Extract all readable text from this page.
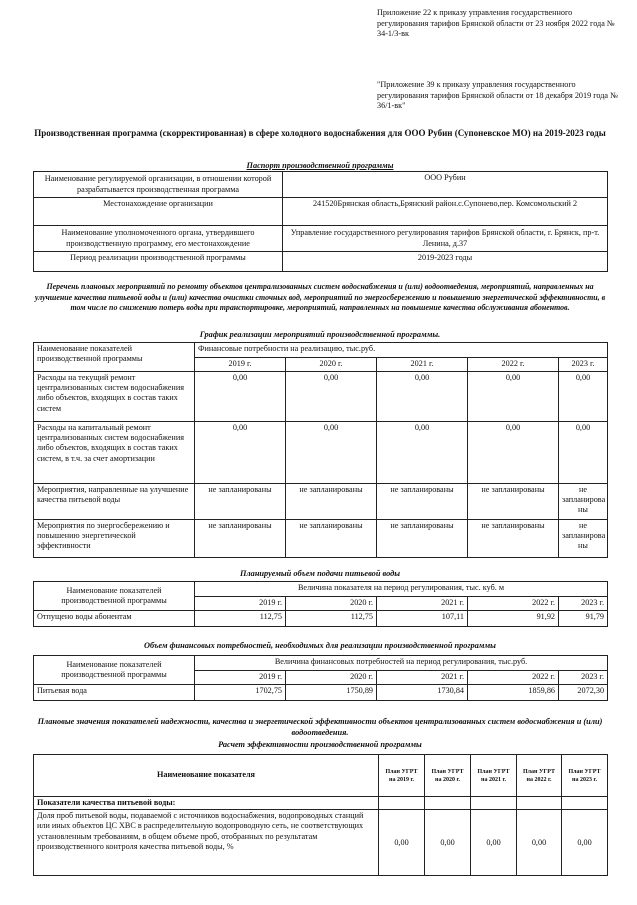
Приложение 22 к приказу управления государственного регулирования тарифов Брянской области от 23 ноября 2022 года № 34-1/3-вк
"Приложение 39 к приказу управления государственного регулирования тарифов Брянской области от 18 декабря 2019 года № 36/1-вк"
Производственная программа (скорректированная) в сфере холодного водоснабжения для ООО Рубин (Супоневское МО) на 2019-2023 годы
Паспорт производственной программы
Наименование регулируемой организации, в отношении которой разрабатывается производственная программа	ООО Рубин
Местонахождение организации	241520Брянская область,Брянский район.с.Супонево,пер. Комсомольский 2
Наименование уполномоченного органа, утвердившего производственную программу, его местонахождение	Управление государственного регулирования тарифов Брянской области, г. Брянск, пр-т. Ленина, д.37
Период реализации производственной программы	2019-2023 годы
Перечень плановых мероприятий по ремонту объектов централизованных систем водоснабжения и (или) водоотведения, мероприятий, направленных на улучшение качества питьевой воды и (или) качества очистки сточных вод, мероприятий по энергосбережению и повышению энергетической эффективности, в том числе по снижению потерь воды при транспортировке, мероприятий, направленных на повышение качества обслуживания абонентов.
График реализации мероприятий производственной программы.
Наименование показателей производственной программы	Финансовые потребности на реализацию, тыс.руб.				
	2019 г.	2020 г.	2021 г.	2022 г.	2023 г.
Расходы на текущий ремонт централизованных систем водоснабжения либо объектов, входящих в состав таких систем	0,00	0,00	0,00	0,00	0,00
Расходы на капитальный ремонт централизованных систем водоснабжения либо объектов, входящих в состав таких систем, в т.ч. за счет амортизации	0,00	0,00	0,00	0,00	0,00
Мероприятия, направленные на улучшение качества питьевой воды	не запланированы	не запланированы	не запланированы	не запланированы	не запланирова ны
Мероприятия по энергосбережению и повышению энергетической эффективности	не запланированы	не запланированы	не запланированы	не запланированы	не запланирова ны
Планируемый объем подачи питьевой воды
Наименование показателей производственной программы	Величина показателя на период регулирования, тыс. куб. м				
	2019 г.	2020 г.	2021 г.	2022 г.	2023 г.
Отпущено воды абонентам	112,75	112,75	107,11	91,92	91,79
Объем финансовых потребностей, необходимых для реализации производственной программы
Наименование показателей производственной программы	Величина финансовых потребностей на период регулирования, тыс.руб.				
	2019 г.	2020 г.	2021 г.	2022 г.	2023 г.
Питьевая вода	1702,75	1750,89	1730,84	1859,86	2072,30
Плановые значения показателей надежности, качества и энергетической эффективности объектов централизованных систем водоснабжения и (или) водоотведения.
Расчет эффективности производственной программы
Наименование показателя	План УГРТ на 2019 г.	План УГРТ на 2020 г.	План УГРТ на 2021 г.	План УГРТ на 2022 г.	План УГРТ на 2023 г.
Показатели качества питьевой воды:					
Доля проб питьевой воды, подаваемой с источников водоснабжения, водопроводных станций или иных объектов ЦС ХВС в распределительную водопроводную сеть, не соответствующих установленным требованиям, в общем объеме проб, отобранных по результатам производственного контроля качества питьевой воды, %	0,00	0,00	0,00	0,00	0,00
